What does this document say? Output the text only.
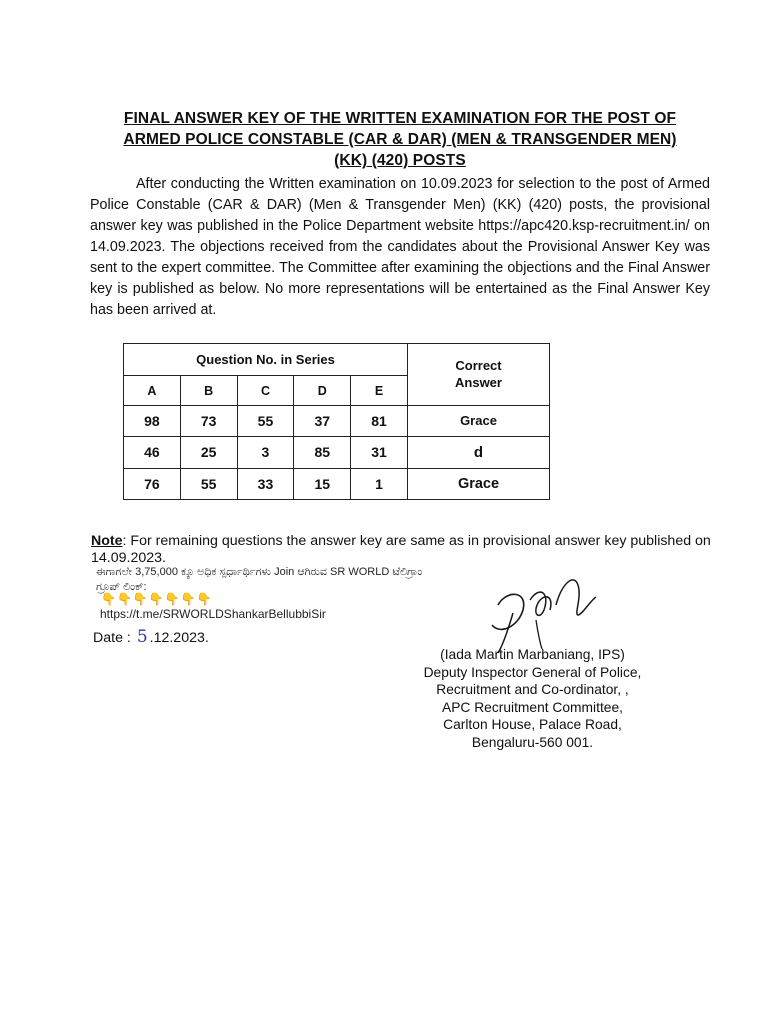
FINAL ANSWER KEY OF THE WRITTEN EXAMINATION FOR THE POST OF
ARMED POLICE CONSTABLE (CAR & DAR) (MEN & TRANSGENDER MEN)
(KK) (420) POSTS
After conducting the Written examination on 10.09.2023 for selection to the post of Armed Police Constable (CAR & DAR) (Men & Transgender Men) (KK) (420) posts, the provisional answer key was published in the Police Department website https://apc420.ksp-recruitment.in/ on 14.09.2023. The objections received from the candidates about the Provisional Answer Key was sent to the expert committee. The Committee after examining the objections and the Final Answer key is published as below. No more representations will be entertained as the Final Answer Key has been arrived at.
Question No. in Series					Correct Answer
A	B	C	D	E	
98	73	55	37	81	Grace
46	25	3	85	31	d
76	55	33	15	1	Grace
Note: For remaining questions the answer key are same as in provisional answer key published on 14.09.2023.
ಈಗಾಗಲೇ 3,75,000 ಕ್ಕೂ ಅಧಿಕ ಸ್ಪರ್ಧಾರ್ಥಿಗಳು Join ಆಗಿರುವ SR WORLD ಟೆಲಿಗ್ರಾಂ
ಗ್ರೂಪ್ ಲಿಂಕ್:
👇👇👇👇👇👇👇
https://t.me/SRWORLDShankarBellubbiSir
Date : 5 .12.2023.
(Iada Martin Marbaniang, IPS)
Deputy Inspector General of Police,
Recruitment and Co-ordinator, ,
APC Recruitment Committee,
Carlton House, Palace Road,
Bengaluru-560 001.
